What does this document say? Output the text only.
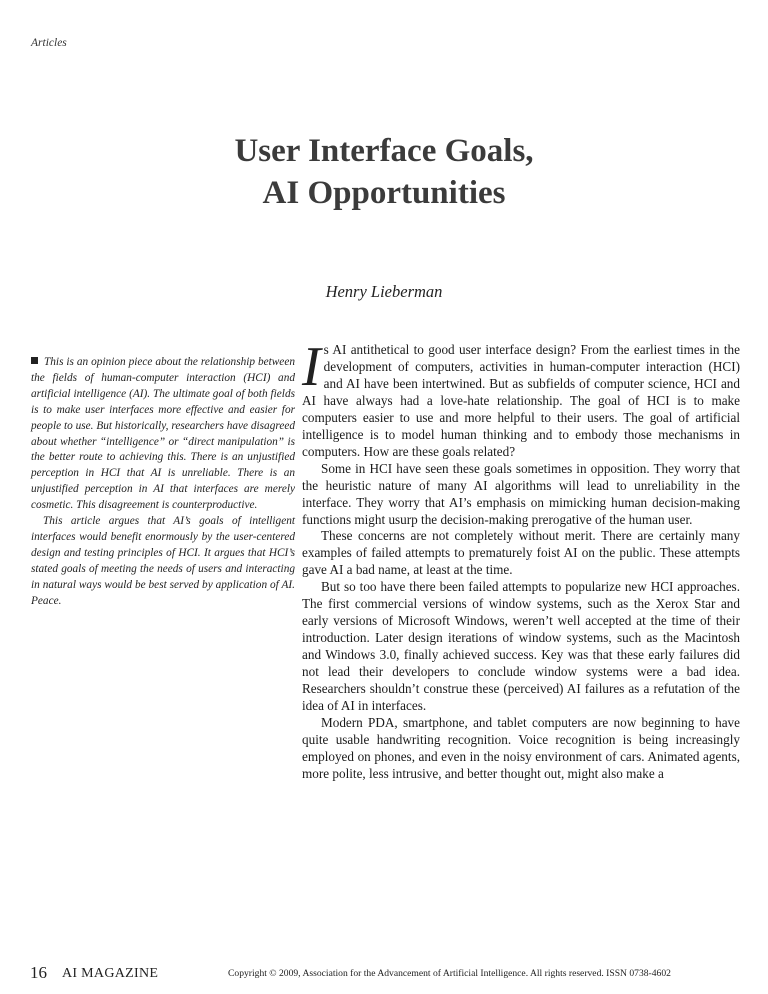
Articles
User Interface Goals,
AI Opportunities
Henry Lieberman

This is an opinion piece about the relationship between the fields of human-computer interaction (HCI) and artificial intelligence (AI). The ultimate goal of both fields is to make user interfaces more effective and easier for people to use. But historically, researchers have disagreed about whether “intelligence” or “direct manipulation” is the better route to achieving this. There is an unjustified perception in HCI that AI is unreliable. There is an unjustified perception in AI that interfaces are merely cosmetic. This disagreement is counterproductive.

This article argues that AI’s goals of intelligent interfaces would benefit enormously by the user-centered design and testing principles of HCI. It argues that HCI’s stated goals of meeting the needs of users and interacting in natural ways would be best served by application of AI. Peace.

Is AI antithetical to good user interface design? From the earliest times in the development of computers, activities in human-computer interaction (HCI) and AI have been intertwined. But as subfields of computer science, HCI and AI have always had a love-hate relationship. The goal of HCI is to make computers easier to use and more helpful to their users. The goal of artificial intelligence is to model human thinking and to embody those mechanisms in computers. How are these goals related?

Some in HCI have seen these goals sometimes in opposition. They worry that the heuristic nature of many AI algorithms will lead to unreliability in the interface. They worry that AI’s emphasis on mimicking human decision-making functions might usurp the decision-making prerogative of the human user.

These concerns are not completely without merit. There are certainly many examples of failed attempts to prematurely foist AI on the public. These attempts gave AI a bad name, at least at the time.

But so too have there been failed attempts to popularize new HCI approaches. The first commercial versions of window systems, such as the Xerox Star and early versions of Microsoft Windows, weren’t well accepted at the time of their introduction. Later design iterations of window systems, such as the Macintosh and Windows 3.0, finally achieved success. Key was that these early failures did not lead their developers to conclude window systems were a bad idea. Researchers shouldn’t construe these (perceived) AI failures as a refutation of the idea of AI in interfaces.

Modern PDA, smartphone, and tablet computers are now beginning to have quite usable handwriting recognition. Voice recognition is being increasingly employed on phones, and even in the noisy environment of cars. Animated agents, more polite, less intrusive, and better thought out, might also make a

16 AI MAGAZINE	Copyright © 2009, Association for the Advancement of Artificial Intelligence. All rights reserved. ISSN 0738-4602
